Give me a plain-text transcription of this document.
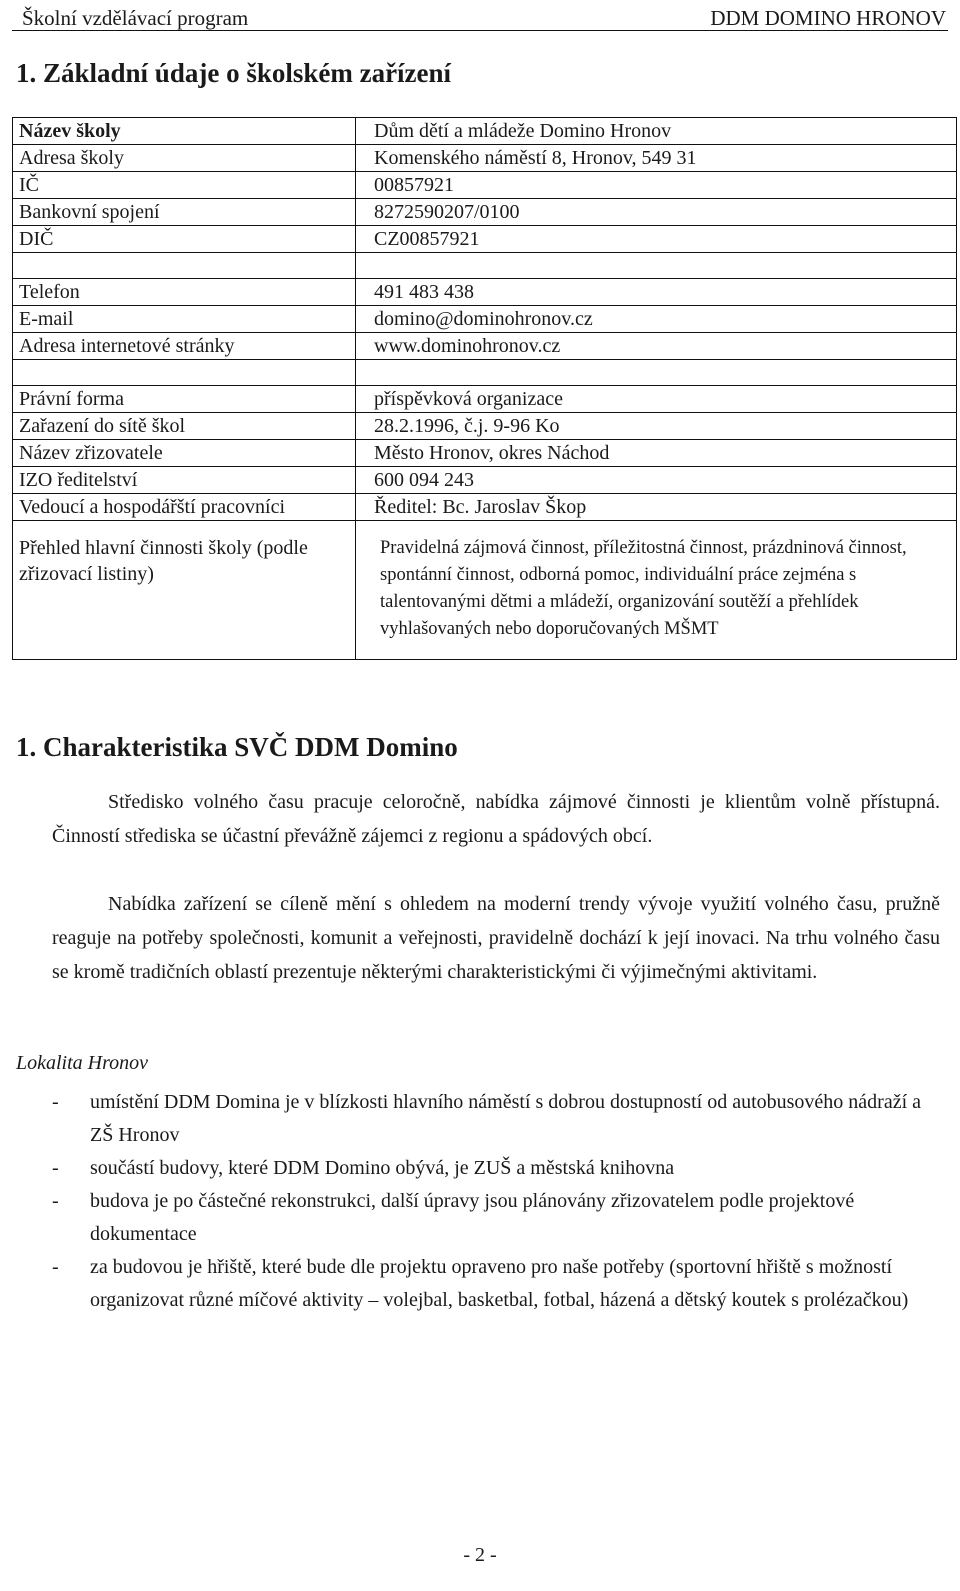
Školní vzdělávací program	DDM DOMINO HRONOV
1. Základní údaje o školském zařízení
Název školy	Dům dětí a mládeže Domino Hronov
Adresa školy	Komenského náměstí 8, Hronov, 549 31
IČ	00857921
Bankovní spojení	8272590207/0100
DIČ	CZ00857921

Telefon	491 483 438
E-mail	domino@dominohronov.cz
Adresa internetové stránky	www.dominohronov.cz

Právní forma	příspěvková organizace
Zařazení do sítě škol	28.2.1996, č.j. 9-96 Ko
Název zřizovatele	Město Hronov, okres Náchod
IZO ředitelství	600 094 243
Vedoucí a hospodářští pracovníci	Ředitel: Bc. Jaroslav Škop
Přehled hlavní činnosti školy (podle zřizovací listiny)	Pravidelná zájmová činnost, příležitostná činnost, prázdninová činnost, spontánní činnost, odborná pomoc, individuální práce zejména s talentovanými dětmi a mládeží, organizování soutěží a přehlídek vyhlašovaných nebo doporučovaných MŠMT
1. Charakteristika SVČ DDM Domino

Středisko volného času pracuje celoročně, nabídka zájmové činnosti je klientům volně přístupná. Činností střediska se účastní převážně zájemci z regionu a spádových obcí.

Nabídka zařízení se cíleně mění s ohledem na moderní trendy vývoje využití volného času, pružně reaguje na potřeby společnosti, komunit a veřejnosti, pravidelně dochází k její inovaci. Na trhu volného času se kromě tradičních oblastí prezentuje některými charakteristickými či výjimečnými aktivitami.

Lokalita Hronov

- umístění DDM Domina je v blízkosti hlavního náměstí s dobrou dostupností od autobusového nádraží a ZŠ Hronov
- součástí budovy, které DDM Domino obývá, je ZUŠ a městská knihovna
- budova je po částečné rekonstrukci, další úpravy jsou plánovány zřizovatelem podle projektové dokumentace
- za budovou je hřiště, které bude dle projektu opraveno pro naše potřeby (sportovní hřiště s možností organizovat různé míčové aktivity – volejbal, basketbal, fotbal, házená a dětský koutek s prolézačkou)
- 2 -
